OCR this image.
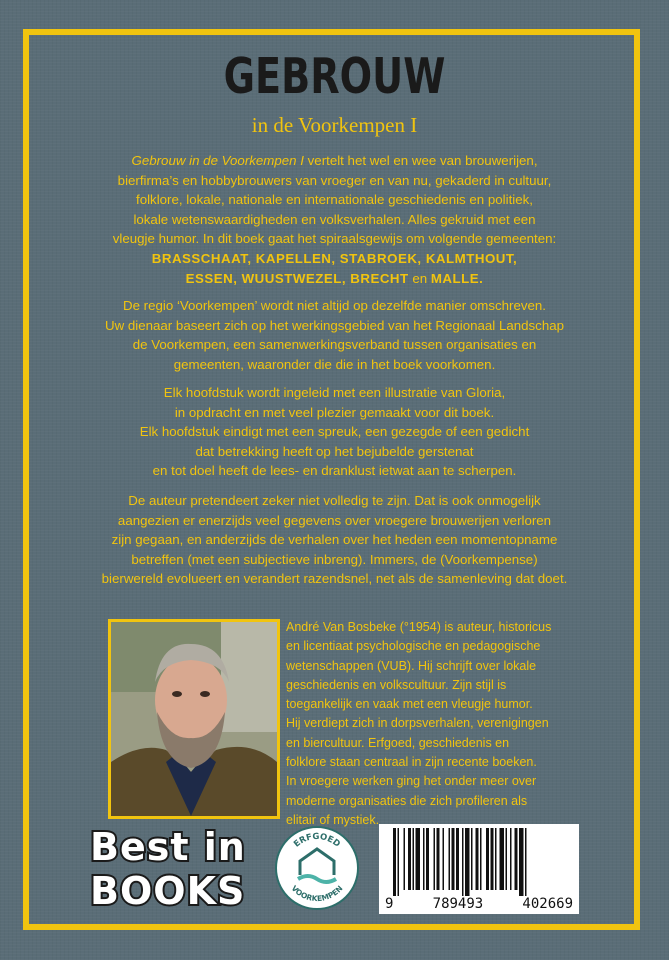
GEBROUW
in de Voorkempen I
Gebrouw in de Voorkempen I vertelt het wel en wee van brouwerijen,
bierfirma’s en hobbybrouwers van vroeger en van nu, gekaderd in cultuur,
folklore, lokale, nationale en internationale geschiedenis en politiek,
lokale wetenswaardigheden en volksverhalen. Alles gekruid met een
vleugje humor. In dit boek gaat het spiraalsgewijs om volgende gemeenten:
BRASSCHAAT, KAPELLEN, STABROEK, KALMTHOUT,
ESSEN, WUUSTWEZEL, BRECHT en MALLE.
De regio ‘Voorkempen’ wordt niet altijd op dezelfde manier omschreven.
Uw dienaar baseert zich op het werkingsgebied van het Regionaal Landschap
de Voorkempen, een samenwerkingsverband tussen organisaties en
gemeenten, waaronder die die in het boek voorkomen.
Elk hoofdstuk wordt ingeleid met een illustratie van Gloria,
in opdracht en met veel plezier gemaakt voor dit boek.
Elk hoofdstuk eindigt met een spreuk, een gezegde of een gedicht
dat betrekking heeft op het bejubelde gerstenat
en tot doel heeft de lees- en dranklust ietwat aan te scherpen.
De auteur pretendeert zeker niet volledig te zijn. Dat is ook onmogelijk
aangezien er enerzijds veel gegevens over vroegere brouwerijen verloren
zijn gegaan, en anderzijds de verhalen over het heden een momentopname
betreffen (met een subjectieve inbreng). Immers, de (Voorkempense)
bierwereld evolueert en verandert razendsnel, net als de samenleving dat doet.
André Van Bosbeke (°1954) is auteur, historicus
en licentiaat psychologische en pedagogische
wetenschappen (VUB). Hij schrijft over lokale
geschiedenis en volkscultuur. Zijn stijl is
toegankelijk en vaak met een vleugje humor.
Hij verdiept zich in dorpsverhalen, verenigingen
en biercultuur. Erfgoed, geschiedenis en
folklore staan centraal in zijn recente boeken.
In vroegere werken ging het onder meer over
moderne organisaties die zich profileren als
elitair of mystiek.
Best in
BOOKS
ERFGOED
VOORKEMPEN
9	789493	402669
